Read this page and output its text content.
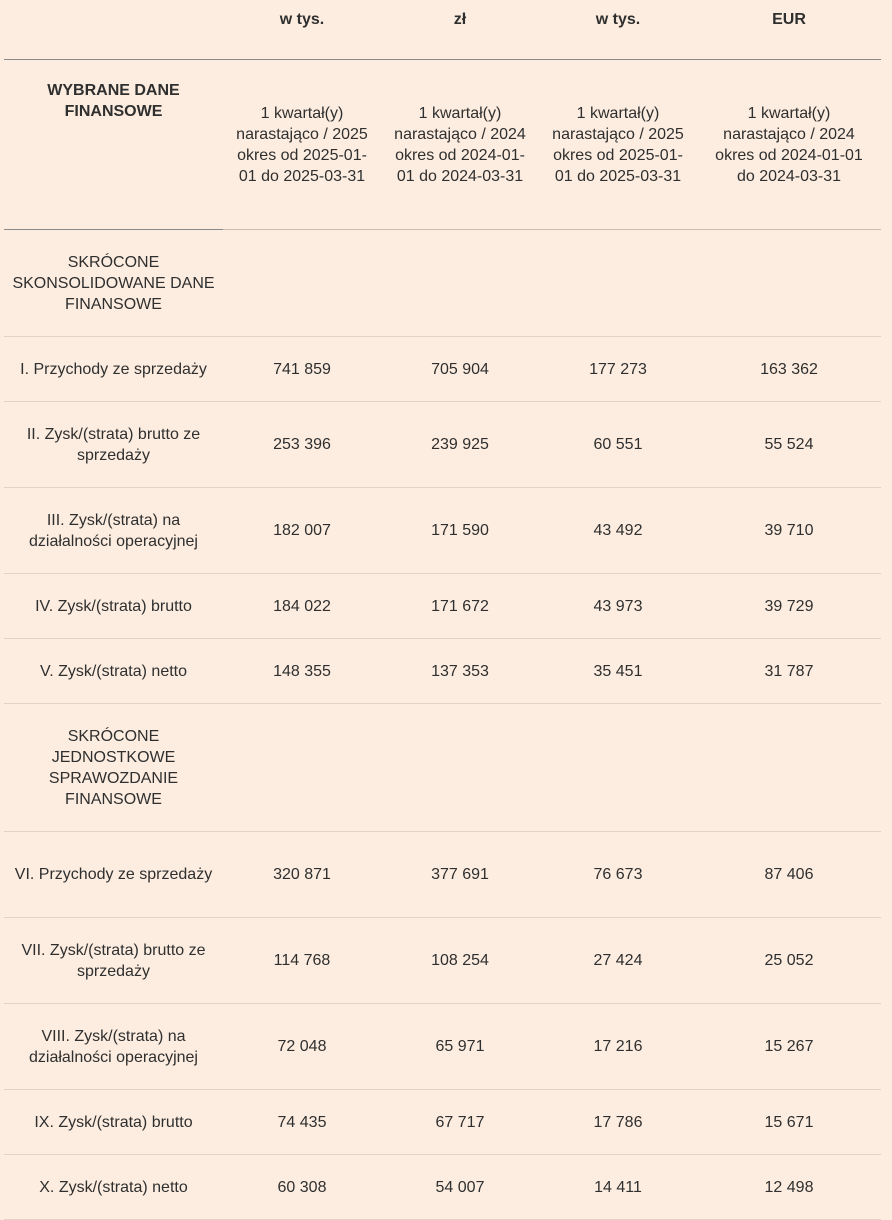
	w tys.	zł	w tys.	EUR
WYBRANE DANE FINANSOWE	1 kwartał(y) narastająco / 2025 okres od 2025-01-01 do 2025-03-31	1 kwartał(y) narastająco / 2024 okres od 2024-01-01 do 2024-03-31	1 kwartał(y) narastająco / 2025 okres od 2025-01-01 do 2025-03-31	1 kwartał(y) narastająco / 2024 okres od 2024-01-01 do 2024-03-31
SKRÓCONE SKONSOLIDOWANE DANE FINANSOWE				
I. Przychody ze sprzedaży	741 859	705 904	177 273	163 362
II. Zysk/(strata) brutto ze sprzedaży	253 396	239 925	60 551	55 524
III. Zysk/(strata) na działalności operacyjnej	182 007	171 590	43 492	39 710
IV. Zysk/(strata) brutto	184 022	171 672	43 973	39 729
V. Zysk/(strata) netto	148 355	137 353	35 451	31 787
SKRÓCONE JEDNOSTKOWE SPRAWOZDANIE FINANSOWE				
VI. Przychody ze sprzedaży	320 871	377 691	76 673	87 406
VII. Zysk/(strata) brutto ze sprzedaży	114 768	108 254	27 424	25 052
VIII. Zysk/(strata) na działalności operacyjnej	72 048	65 971	17 216	15 267
IX. Zysk/(strata) brutto	74 435	67 717	17 786	15 671
X. Zysk/(strata) netto	60 308	54 007	14 411	12 498
